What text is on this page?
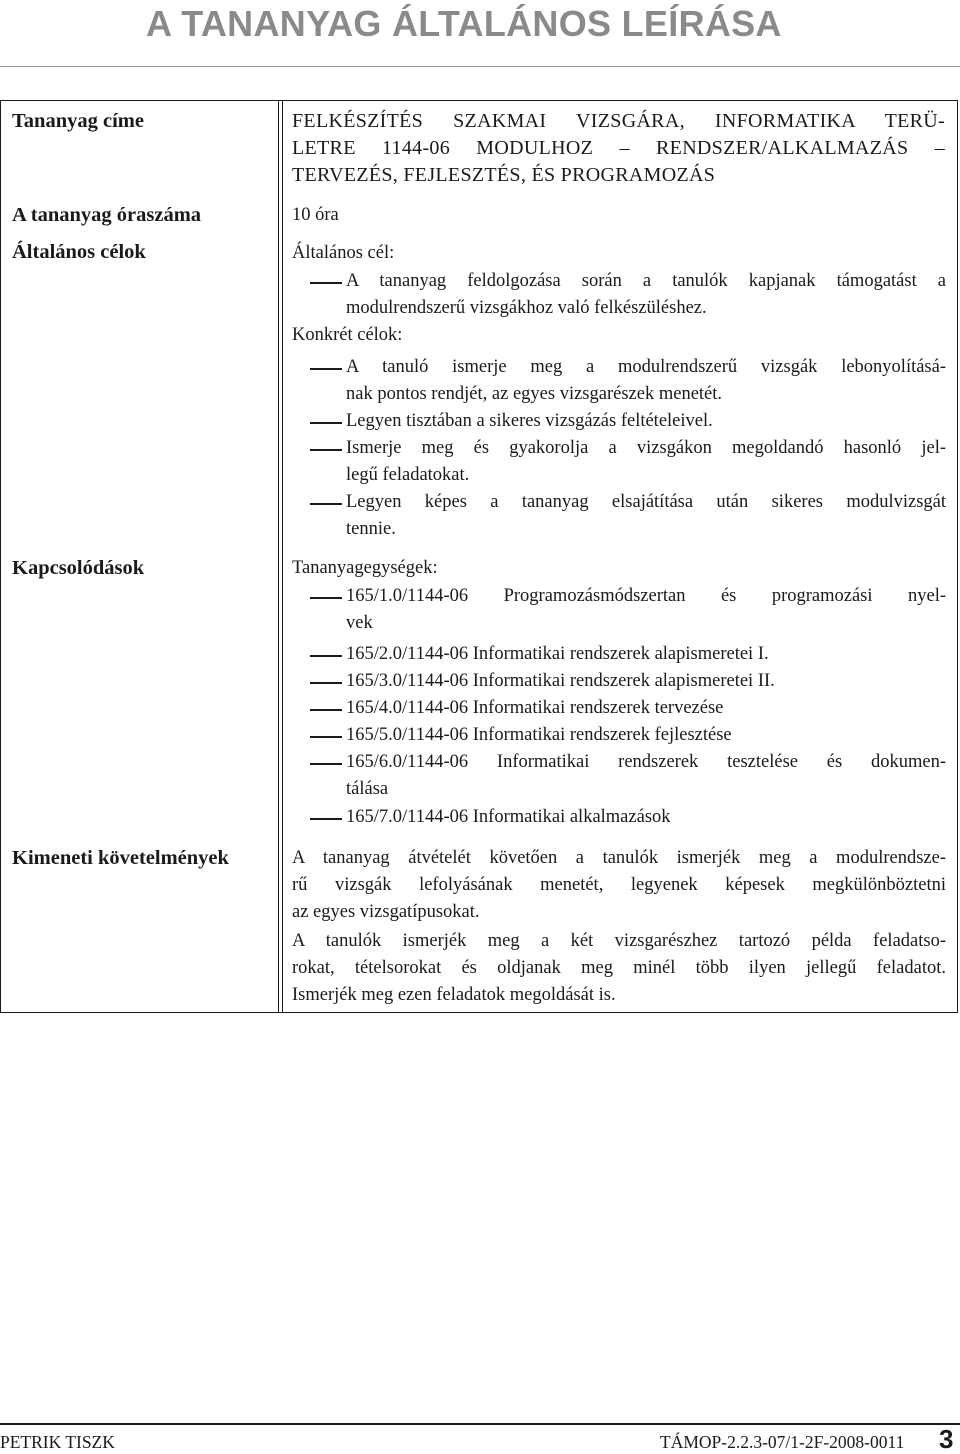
A TANANYAG ÁLTALÁNOS LEÍRÁSA
Tananyag címe	FELKÉSZÍTÉS SZAKMAI VIZSGÁRA, INFORMATIKA TERÜ-
LETRE 1144-06 MODULHOZ – RENDSZER/ALKALMAZÁS –
TERVEZÉS, FEJLESZTÉS, ÉS PROGRAMOZÁS
A tananyag óraszáma	10 óra
Általános célok	Általános cél:
A tananyag feldolgozása során a tanulók kapjanak támogatást a
modulrendszerű vizsgákhoz való felkészüléshez.
Konkrét célok:
A tanuló ismerje meg a modulrendszerű vizsgák lebonyolításá-
nak pontos rendjét, az egyes vizsgarészek menetét.
Legyen tisztában a sikeres vizsgázás feltételeivel.
Ismerje meg és gyakorolja a vizsgákon megoldandó hasonló jel-
legű feladatokat.
Legyen képes a tananyag elsajátítása után sikeres modulvizsgát
tennie.
Kapcsolódások	Tananyagegységek:
165/1.0/1144-06 Programozásmódszertan és programozási nyel-
vek
165/2.0/1144-06 Informatikai rendszerek alapismeretei I.
165/3.0/1144-06 Informatikai rendszerek alapismeretei II.
165/4.0/1144-06 Informatikai rendszerek tervezése
165/5.0/1144-06 Informatikai rendszerek fejlesztése
165/6.0/1144-06 Informatikai rendszerek tesztelése és dokumen-
tálása
165/7.0/1144-06 Informatikai alkalmazások
Kimeneti követelmények	A tananyag átvételét követően a tanulók ismerjék meg a modulrendsze-
rű vizsgák lefolyásának menetét, legyenek képesek megkülönböztetni
az egyes vizsgatípusokat.
A tanulók ismerjék meg a két vizsgarészhez tartozó példa feladatso-
rokat, tételsorokat és oldjanak meg minél több ilyen jellegű feladatot.
Ismerjék meg ezen feladatok megoldását is.
PETRIK TISZK	TÁMOP-2.2.3-07/1-2F-2008-0011 3
